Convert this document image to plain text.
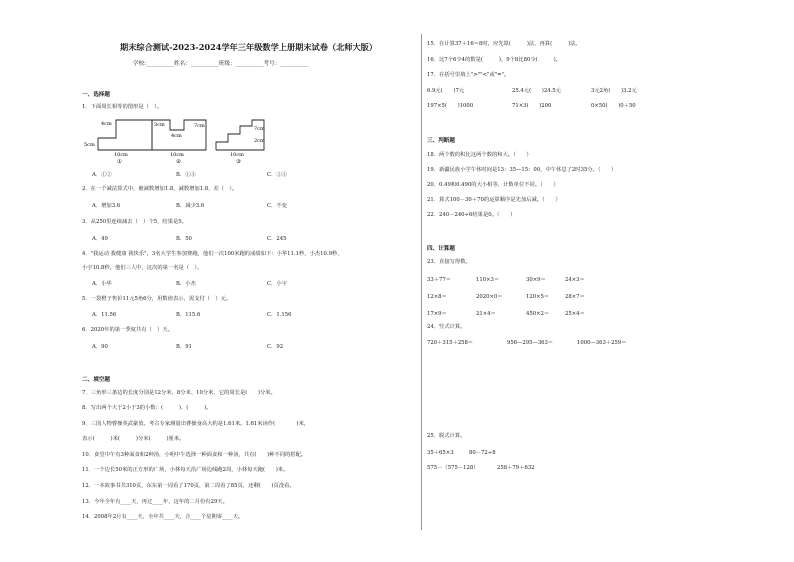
期末综合测试-2023-2024学年三年级数学上册期末试卷（北师大版）
学校:__________姓名：__________班级：__________考号：__________
一、选择题
1．下面周长相等的图形是（　）。
4cm
5cm
10cm
①
3cm
4cm
7cm
10cm
②
7cm
2cm
10cm
③
A．①②	B．①③	C．②③
2．在一个减法算式中，被减数增加1.8，减数增加1.8，差（　）。
A．增加3.6	B．减少3.6	C．不变
3．从250里连续减去（　）个5，结果是5。
A．49	B．50	C．245
4．"我运动 我健康 我快乐"，3名大学生参加赛跑，他们一次100米跑的成绩如下：小华11.1秒，小杰10.9秒，
小宇10.8秒。他们三人中，这次的第一名是（　）。
A．小华	B．小杰	C．小宇
5．一袋橙子售价11元5角6分，用数值表示，需支付（　）元。
A．11.56	B．115.6	C．1.156
6．2020年的第一季度共有（　）天。
A．90	B．91	C．92
二、填空题
7．三角形三条边的长度分别是12分米、8分米、10分米，它的周长是(　　)分米。
8．写出两个大于2小于3的小数：(　　　)、(　　　)。
9．三国人物曹操英武豪放。考古专家测量出曹操身高大约是1.61米。1.61米读作(　　　　)米，
表示(　　　)米(　　　)分米(　　　)厘米。
10．食堂中午有3种面食和2种汤，小明中午选择一种面食和一种汤，共有(　　)种不同的搭配。
11．一个边长50米的正方形的广场，小林每天沿广场边线跑2周，小林每天跑(　　)米。
12．一本故事书共310页，东东第一周看了170页，第二周看了85页，还剩(　　)页没看。
13．今年全年有____天，再过____年，这年的二月份有29天。
14．2008年2月有____天，全年共____天，合____个星期零____天。
15．在计算37＋16＝8时，应先算(　　　)法，再算(　　　)法。
16．比7个6少4的数是(　　　)，9个8比80少(　　　)。
17．在括号里填上">""<"或"="。
6.9元(　　)7元	25.4元(　　)24.5元	3元2角(　　)3.2元
197×5(　　)1000	71×3(　　)200	0×50(　　)0＋50
三、判断题
18．两个数的积比这两个数的和大。（　　）
19．新疆民族小学午休时间是13：35—15：00，中午休息了2时35分。（　　）
20．0.49和0.490的大小相等，计数单位不同。（　　）
21．算式100－30＋70的运算顺序是先加后减。（　　）
22．240－240÷6结果是0。（　　）
四、计算题
23．直接写得数。
33＋77＝	110×3＝	30×9＝	24×3＝
12×8＝	2020×0＝	120×5＝	28×7＝
17×9＝	21×4＝	450×2＝	25×4＝
24．竖式计算。
720＋315＋258＝	956—295—363＝	1000—363＋259＝
25．脱式计算。
35＋65×3	80－72÷8
575－（575－128）	258＋79＋632
